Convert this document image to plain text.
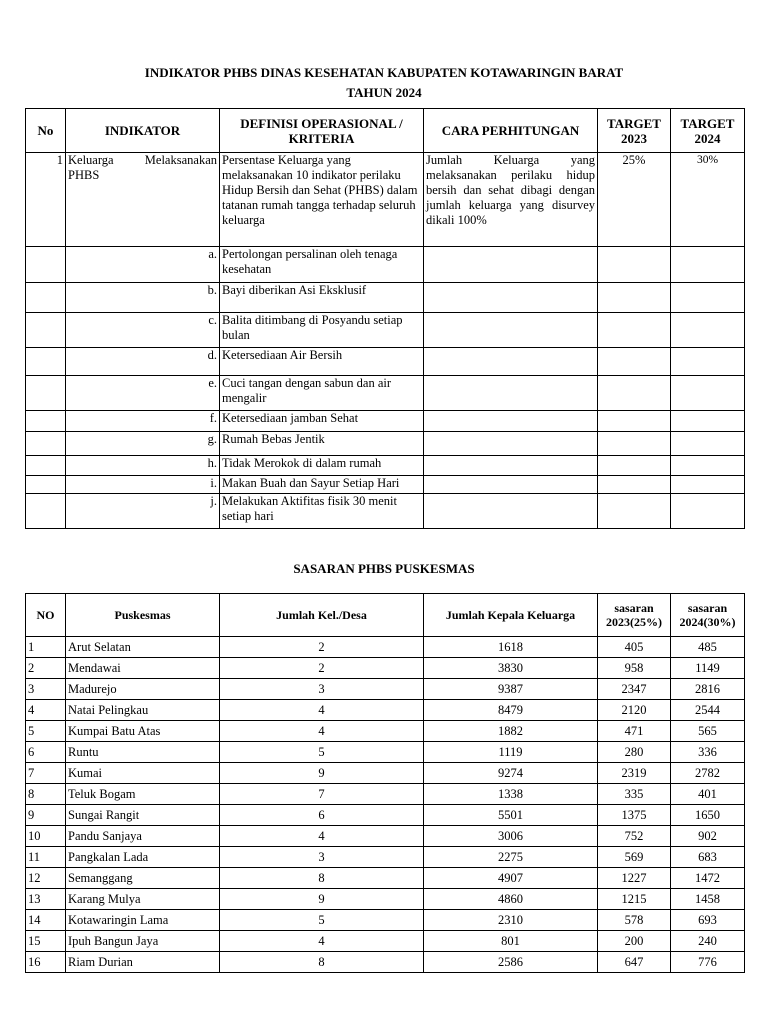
INDIKATOR PHBS DINAS KESEHATAN KABUPATEN KOTAWARINGIN BARAT
TAHUN 2024
No	INDIKATOR	DEFINISI OPERASIONAL / KRITERIA	CARA PERHITUNGAN	TARGET 2023	TARGET 2024
1	Keluarga Melaksanakan PHBS	Persentase Keluarga yang melaksanakan 10 indikator perilaku Hidup Bersih dan Sehat (PHBS) dalam tatanan rumah tangga terhadap seluruh keluarga	Jumlah Keluarga yang melaksanakan perilaku hidup bersih dan sehat dibagi dengan jumlah keluarga yang disurvey dikali 100%	25%	30%
	a.	Pertolongan persalinan oleh tenaga kesehatan			
	b.	Bayi diberikan Asi Eksklusif			
	c.	Balita ditimbang di Posyandu setiap bulan			
	d.	Ketersediaan Air Bersih			
	e.	Cuci tangan dengan sabun dan air mengalir			
	f.	Ketersediaan jamban Sehat			
	g.	Rumah Bebas Jentik			
	h.	Tidak Merokok di dalam rumah			
	i.	Makan Buah dan Sayur Setiap Hari			
	j.	Melakukan Aktifitas fisik 30 menit setiap hari			
SASARAN PHBS PUSKESMAS
NO	Puskesmas	Jumlah Kel./Desa	Jumlah Kepala Keluarga	sasaran 2023(25%)	sasaran 2024(30%)
1	Arut Selatan	2	1618	405	485
2	Mendawai	2	3830	958	1149
3	Madurejo	3	9387	2347	2816
4	Natai Pelingkau	4	8479	2120	2544
5	Kumpai Batu Atas	4	1882	471	565
6	Runtu	5	1119	280	336
7	Kumai	9	9274	2319	2782
8	Teluk Bogam	7	1338	335	401
9	Sungai Rangit	6	5501	1375	1650
10	Pandu Sanjaya	4	3006	752	902
11	Pangkalan Lada	3	2275	569	683
12	Semanggang	8	4907	1227	1472
13	Karang Mulya	9	4860	1215	1458
14	Kotawaringin Lama	5	2310	578	693
15	Ipuh Bangun Jaya	4	801	200	240
16	Riam Durian	8	2586	647	776
